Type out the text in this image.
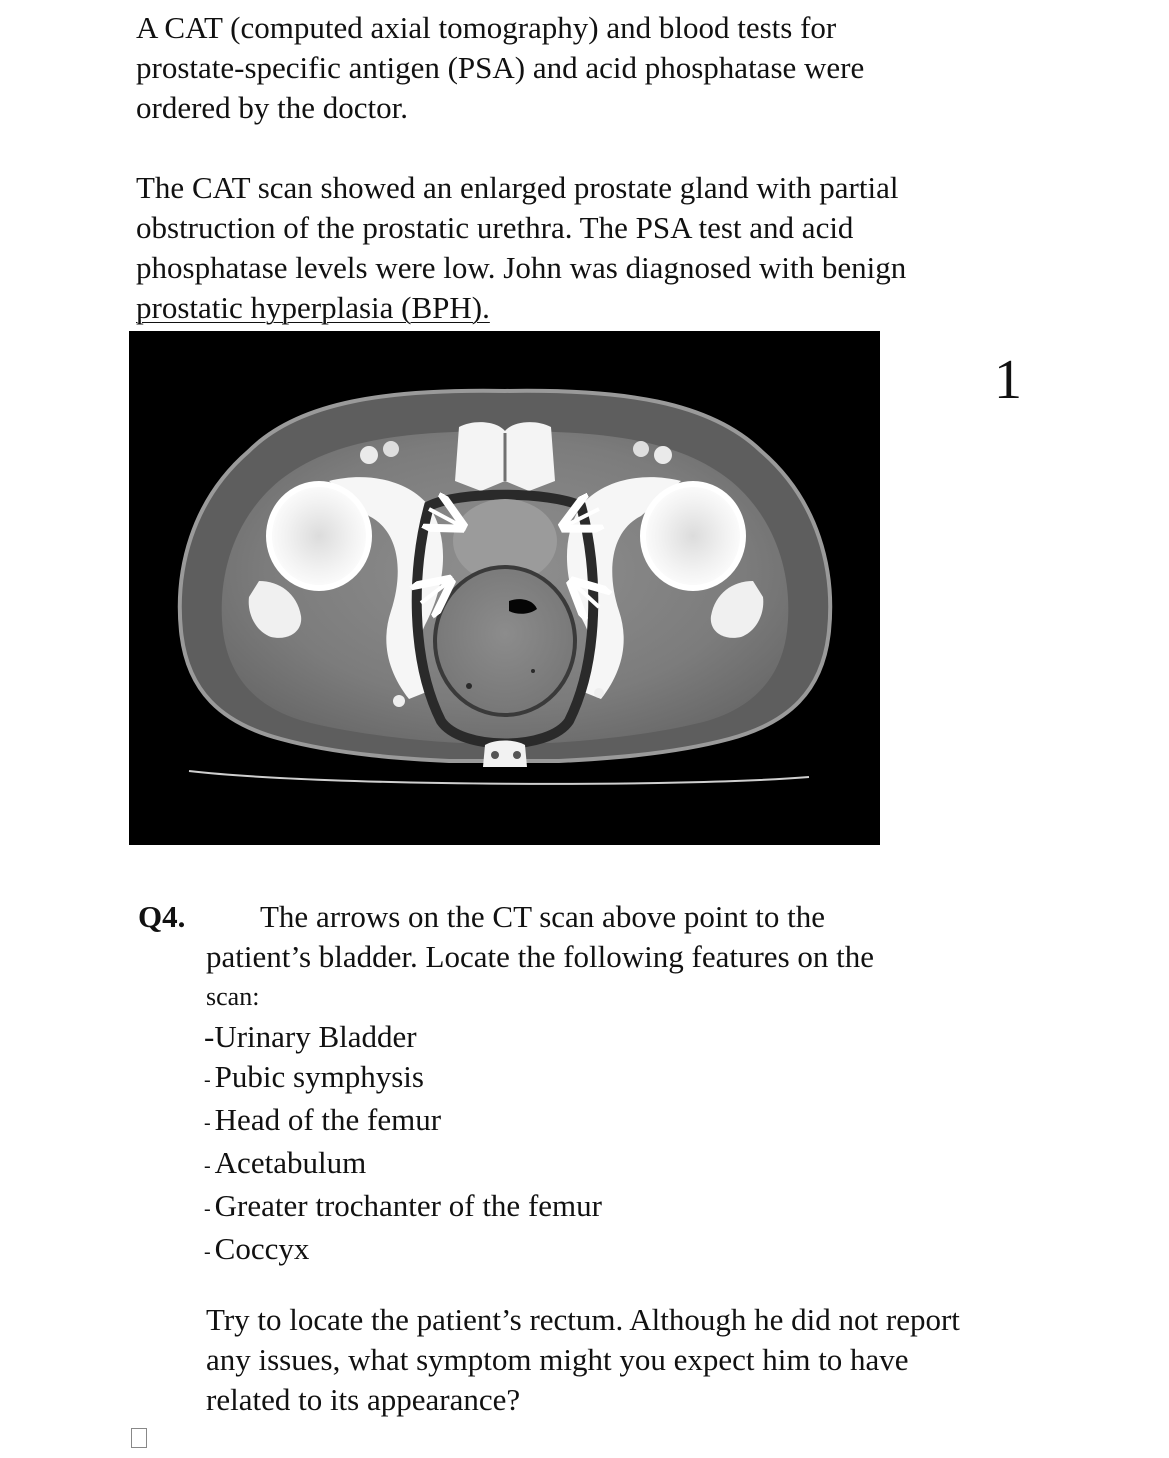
A CAT (computed axial tomography) and blood tests for
prostate-specific antigen (PSA) and acid phosphatase were
ordered by the doctor.
The CAT scan showed an enlarged prostate gland with partial
obstruction of the prostatic urethra. The PSA test and acid
phosphatase levels were low. John was diagnosed with benign
prostatic hyperplasia (BPH).
1
Q4. The arrows on the CT scan above point to the
patient’s bladder. Locate the following features on the
scan:
-Urinary Bladder
- Pubic symphysis
- Head of the femur
- Acetabulum
- Greater trochanter of the femur
- Coccyx
Try to locate the patient’s rectum. Although he did not report
any issues, what symptom might you expect him to have
related to its appearance?
